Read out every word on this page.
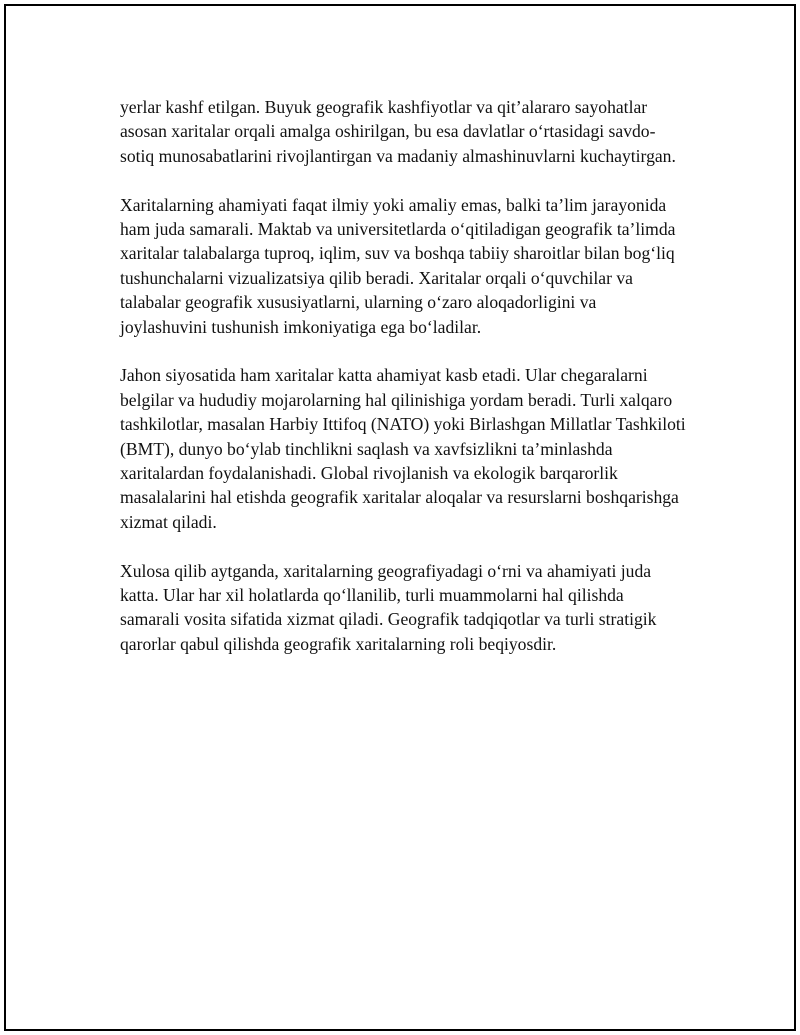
yerlar kashf etilgan. Buyuk geografik kashfiyotlar va qit’alararo sayohatlar asosan xaritalar orqali amalga oshirilgan, bu esa davlatlar o‘rtasidagi savdo-sotiq munosabatlarini rivojlantirgan va madaniy almashinuvlarni kuchaytirgan.

Xaritalarning ahamiyati faqat ilmiy yoki amaliy emas, balki ta’lim jarayonida ham juda samarali. Maktab va universitetlarda o‘qitiladigan geografik ta’limda xaritalar talabalarga tuproq, iqlim, suv va boshqa tabiiy sharoitlar bilan bog‘liq tushunchalarni vizualizatsiya qilib beradi. Xaritalar orqali o‘quvchilar va talabalar geografik xususiyatlarni, ularning o‘zaro aloqadorligini va joylashuvini tushunish imkoniyatiga ega bo‘ladilar.

Jahon siyosatida ham xaritalar katta ahamiyat kasb etadi. Ular chegaralarni belgilar va hududiy mojarolarning hal qilinishiga yordam beradi. Turli xalqaro tashkilotlar, masalan Harbiy Ittifoq (NATO) yoki Birlashgan Millatlar Tashkiloti (BMT), dunyo bo‘ylab tinchlikni saqlash va xavfsizlikni ta’minlashda xaritalardan foydalanishadi. Global rivojlanish va ekologik barqarorlik masalalarini hal etishda geografik xaritalar aloqalar va resurslarni boshqarishga xizmat qiladi.

Xulosa qilib aytganda, xaritalarning geografiyadagi o‘rni va ahamiyati juda katta. Ular har xil holatlarda qo‘llanilib, turli muammolarni hal qilishda samarali vosita sifatida xizmat qiladi. Geografik tadqiqotlar va turli stratigik qarorlar qabul qilishda geografik xaritalarning roli beqiyosdir.
